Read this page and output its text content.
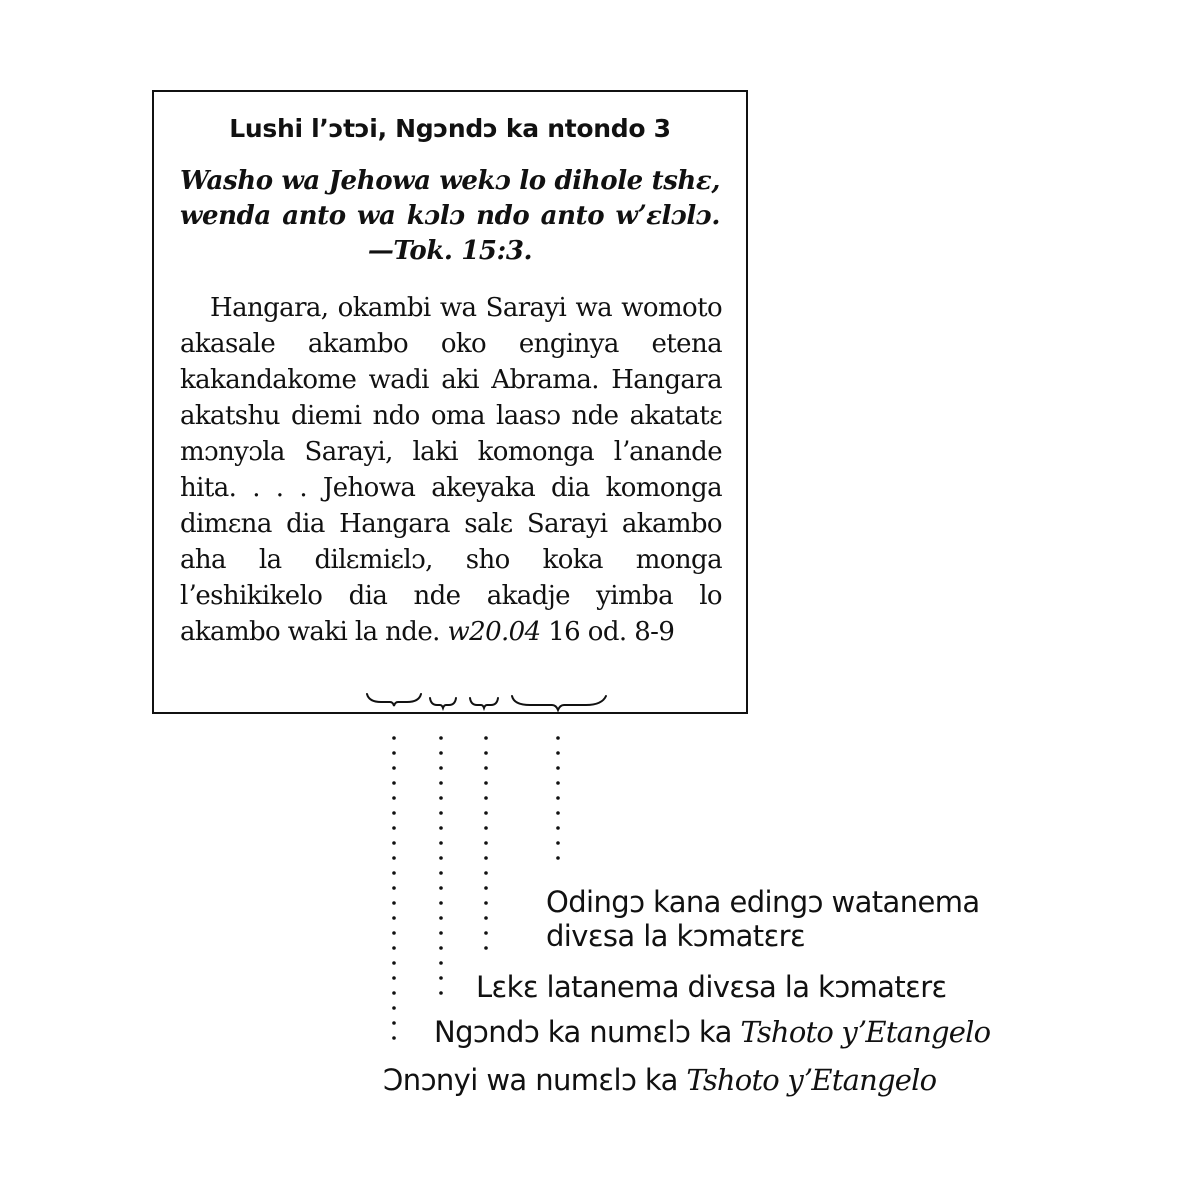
Lushi lʼɔtɔi, Ngɔndɔ ka ntondo 3
Washo wa Jehowa wekɔ lo dihole tshɛ, wenda anto wa kɔlɔ ndo anto wʼɛlɔlɔ.—Tok. 15:3.
Hangara, okambi wa Sarayi wa womoto akasale akambo oko enginya etena kakandakome wadi aki Abrama. Hangara akatshu diemi ndo oma laasɔ nde akatatɛ mɔnyɔla Sarayi, laki komonga lʼanande hita. . . . Jehowa akeyaka dia komonga dimɛna dia Hangara salɛ Sarayi akambo aha la dilɛmiɛlɔ, sho koka monga lʼeshikikelo dia nde akadje yimba lo akambo waki la nde. w20.04 16 od. 8-9
Odingɔ kana edingɔ watanema divɛsa la kɔmatɛrɛ
Lɛkɛ latanema divɛsa la kɔmatɛrɛ
Ngɔndɔ ka numɛlɔ ka Tshoto yʼEtangelo
Ɔnɔnyi wa numɛlɔ ka Tshoto yʼEtangelo
